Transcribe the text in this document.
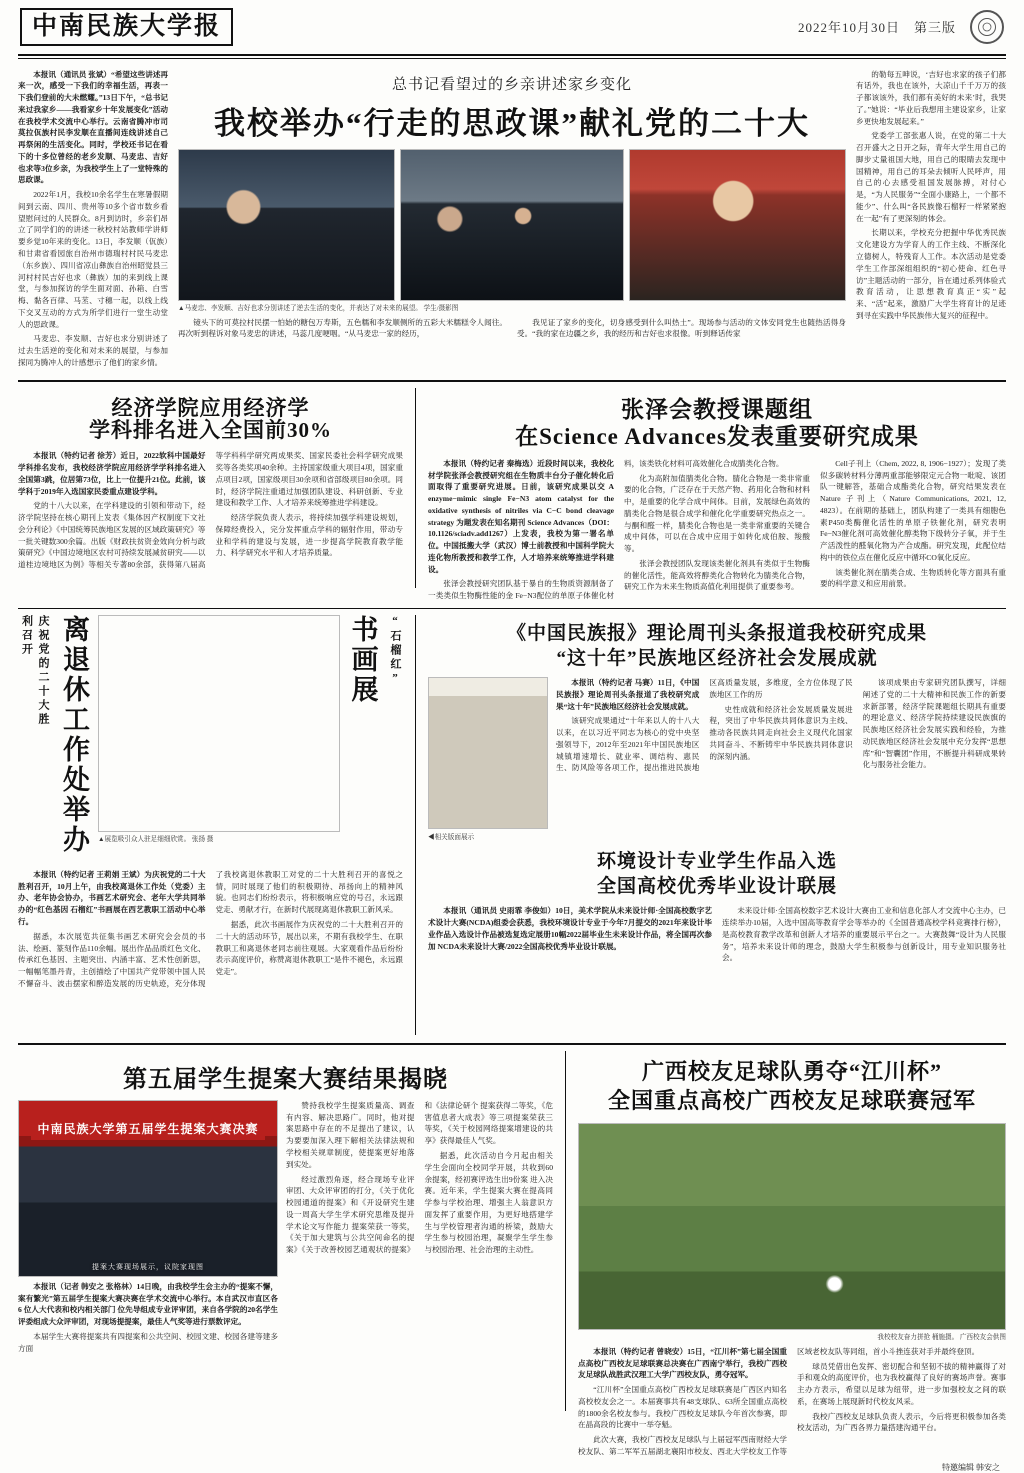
中南民族大学报	2022年10月30日 第三版

本报讯（通讯员 张斌）“希望这些讲述再来一次，感受一下我们的幸福生活，再表一下我们登前的大未燃耀。”13日下午，“总书记来过我家乡——我看家乡十年发展变化”活动在我校学术交流中心举行。云南省腾冲市司莫拉佤族村民李发顺在直播间连线讲述自己再祭闲的生活变化。同时，学校还书记在看下的十多位曾经的老乡发顺、马麦忠、吉好也求等3位乡亲，为我校学生上了一堂特殊的思政课。

2022年1月，我校10余名学生在寒暑假期间到云南、四川、贵州等10多个省市数乡看望慰问过的人民群众。8月到访时，乡亲们昂立了同学们的的讲述一秋校村站教师学讲师要乡觉10年来的变化。13日，李发顺（佤族）和甘肃省看园旅自治州市德瑞村村民马麦忠（东乡族）、四川省凉山彝族自治州昭觉县三河村村民吉好也求（彝族）加的来到线上课堂，与参加探访的学生面对面、孙箱、白雪梅、黏各百律、马苤、寸穗一起，以线上线下交叉互动的方式为所学们进行一堂生动堂人的思政课。

马麦忠、李发顺、吉好也求分别讲述了过去生活逆的变化和对未来的展望，与参加探同为腾冲人的计感想示了他们的家乡情。

总书记看望过的乡亲讲述家乡变化
我校举办“行走的思政课”献礼党的二十大
▲马麦忠、李发顺、吉好也求分别讲述了逆去生活的变化，并表达了对未来的展望。 学生/摄影图

镜头下的可莫拉村民摆一怕始的糖包万寿斯，五色糯和李发顺侧所的五彩大米糯糕令人闻往。再次听到程诉对象马麦忠的讲述，马蕊几度哽咽。“从马麦忠一家的经历，

我见证了家乡的变化，切身感受到什么叫热土”。现场参与活动的文体安同党生也随热活得身受。“我的家在边疆之乡，我的经历和吉好也求很像。听到释话传家

的勒每五呻说，‘吉好也求家的孩子们都有话外，我也在该外，大凉山千千万万的孩子都该该外，我们都有美好的未来’时，我哭了。”她说：“毕业后我想用主建设家乡，让家乡更快地发展起来。”

党委学工部张惠人说，在党的第二十大召开盛大之日开之际，青年大学生用自己的脚步丈量祖国大地，用自己的眼睛去发现中国精神，用自己的耳朵去倾听人民呼声，用自己的心去感受祖国发展脉搏，对付心是，“为人民服务”“全面小康路上，一个都不能少”、什么叫“各民族像石榴籽一样紧紧抱在一起”有了更深刻的体会。

长期以来，学校充分把握中华优秀民族文化建设方为学育人的工作主线、不断深化立德树人，特残育人工作。本次活动是党委学生工作部深组组织的“初心使命、红色寻访”主题活动的一部分，旨在通过系列体验式教育活动，让思想教育真正“实”起来、“活”起来，激励广大学生将育计的足迹到寻在实践中华民族伟大复兴的征程中。

经济学院应用经济学
学科排名进入全国前30%

本报讯（特约记者 徐芳）近日，2022软科中国最好学科排名发布，我校经济学院应用经济学学科排名进入全国第3跳，位居第73位，比上一位提升21位。此前，该学科于2019年入选国家民委重点建设学科。

党的十八大以来，在学科建设的引领和带动下，经济学院坚持在核心期刊上发表《集体因产权制度下文社会分利论》《中国统筹民族地区发展的区域政策研究》等一批关键数300余篇。出版《财政扶贫资金效向分析与政策研究》《中国边境地区农村可持续发展减贫研究——以道桂边境地区为例》等相关专著80余部，获得第八届高等学科科学研究两成果奖、国家民委社会科学研究成果奖等各类奖项40余种。主持国家级重大项目4项，国家重点项目2项，国家级项目30余项和省部级项目80余项。同时，经济学院注重通过加强团队建设、科研创新、专业建设和教学工作、人才培养来统筹推进学科建设。

经济学院负责人表示，将持续加强学科建设规划，保障经费投入，完分发挥重点学科的辐射作用，带动专业和学科的建设与发展，进一步提高学院教育教学能力、科学研究水平和人才培养质量。

张泽会教授课题组
在Science Advances发表重要研究成果

本报讯（特约记者 秦梅选）近段时间以来，我校化材学院张泽会教授研究组在生物质丰台分子催化转化后面取得了重要研究进展。日前，该研究成果以交 A enzyme−mimic single Fe−N3 atom catalyst for the oxidative synthesis of nitriles via C−C bond cleavage strategy 为题发表在知名期刊 Science Advances（DOI：10.1126/sciadv.add1267）上发表，我校为第一署名单位。中国抵搬大学（武汉）博士前教授和中国科学院大连化物所教授和教学工作，人才培养来统筹推进学科建设。

张泽会教授研究团队基于暴自的生物质资源制备了一类类似生物酶性能的金 Fe−N3配位的单原子体催化材料，该类铁化材料可高效催化合成腈类化合物。

化为高附加值腈类化合物。腈化合物是一类非常重要的化合物，广泛存在于天然产物、药用化合物和材料中，是重要的化学合成中间体。目前，发展绿色高效的腈类化合物是很合成学和催化化学重要研究热点之一。与酮和醛一样，腈类化合物也是一类非常重要的关键合成中间体，可以在合成中应用于如转化成伯胺、羧酸等。

张泽会教授团队发现该类催化剂具有类似于生物酶的催化活性，能高效将醇类化合物转化为腈类化合物，研究工作为未来生物质高值化利用提供了重要参考。

Cell子刊上（Chem, 2022, 8, 1906−1927）；发现了类似多碳转材料分薄两重部能够限定元合物一吡啶、该团队一键解答，基础合成酯类化合物，研究结果发表在 Nature 子刊上（Nature Communications, 2021, 12, 4823）。在前期的基础上，团队构建了一类具有细胞色素P450类酶催化活性的单原子铁催化剂，研究表明Fe−N3催化剂可高效催化醇类物下级转分子氧，并于生产活泼性的醛氧化物为产合成酯。研究发现，此配位结构中的铁位点在催化反应中循环CO氧化反应。

该类催化剂在腈类合成、生物质转化等方面具有重要的科学意义和应用前景。

庆祝党的二十大胜利召开 离退休工作处举办	▲展览吸引众人驻足细细欣赏。 张扬 摄
书画展	“石榴红”

本报讯（特约记者 王莉娟 王斌）为庆祝党的二十大胜利召开，10月上午，由我校离退休工作处（党委）主办、老年协会协办，书画艺术研究会、老年大学共同举办的“红色基因 石榴红”书画展在西艺教职工活动中心举行。

据悉，本次展览共征集书画艺术研究会会员的书法、绘画、篆刻作品110余幅。展出作品品质红色文化、传承红色基因、主题突出、内涵丰富、艺术性创新思，一幅幅笔墨丹青，主创描绘了中国共产党带领中国人民不懈奋斗、波击摆家和醉造发展的历史轨迹，充分体现了我校离退休教职工对党的二十大胜利召开的喜悦之情，同时展现了他们的积极期待、昂扬向上的精神风貌。也同志们纷纷表示，将积极响应党的号召，永远跟党走、勇献才行，在新时代展现离退休教职工新风采。

据悉，此次书画展作为庆祝党的二十大胜利召开的二十大的活动环节，展出以来，不期有我校学生、在职教职工和离退休老同志前往观展。大家观看作品后纷纷表示高度评价，称赞离退休教职工“是件不褪色，永远跟党走”。

《中国民族报》理论周刊头条报道我校研究成果
“这十年”民族地区经济社会发展成就
◀相关版面展示

本报讯（特约记者 马赛）11日，《中国民族报》理论周刊头条报道了我校研究成果“这十年”民族地区经济社会发展成就。

该研究成果通过“十年来以人的十八大以来，在以习近平同志为核心的党中央坚强领导下，2012年至2021年中国民族地区城镇增速增长、就业率、调结构、惠民生、防风险等各项工作，提出推进民族地区高质量发展，多维度，全方位体现了民族地区工作的历

史性成就和经济社会发展质量发展进程，突出了中华民族共同体意识为主线、推动各民族共同走向社会主义现代化国家共同奋斗、不断铸牢中华民族共同体意识的深刻内涵。

该项成果由专家研究团队撰写，详细阐述了党的二十大精神和民族工作的新要求新部署，经济学院课题组长期具有重要的理论意义、经济学院持续建设民族旗的民族地区经济社会发展实践和经验，为推动民族地区经济社会发展中充分发挥“思想库”和“智囊团”作用，不断提升科研成果转化与服务社会能力。

环境设计专业学生作品入选
全国高校优秀毕业设计联展

本报讯（通讯员 史雨霏 李俊如）10日，美术学院从未来设计师·全国高校数字艺术设计大赛(NCDA)组委会获悉，我校环境设计专业于今年7月提交的2021年来设计毕业作品入选设计作品被选复选定展册10幅2022届毕业生未来设计作品，将全国再次参加 NCDA未来设计大赛/2022全国高校优秀毕业设计联展。

未来设计师·全国高校数字艺术设计大赛由工业和信息化部人才交流中心主办，已连续举办10届，入选中国高等教育学会等举办的《全国普通高校学科竞赛排行榜》，是高校教育教学改革和创新人才培养的重要展示平台之一。大赛鼓舞“设计为人民服务”，培养未来设计师的理念，鼓励大学生积极参与创新设计，用专业知识服务社会。

第五届学生提案大赛结果揭晓
中南民族大学第五届学生提案大赛决赛
提案大赛现场展示，议院家现图

本报讯（记者 韩安之 张格林）14日晚，由我校学生会主办的“提案不懈，案有繁光”第五届学生提案大赛决赛在学术交流中心举行。本自武汉市直区各 6 位人大代表和校内相关部门 位先导组成专业评审团，来自各学院的20名学生评委组成大众评审团，对现场提提案，最佳人气奖等进行票数评定。

本届学生大赛将提案共有四提案和公共空间、校园文建、校园各建等建多方面

赞持我校学生提案质量高、调查有内容、解决思路广。同时，他对提案思路中存在的不足提出了建议，认为要要加深入理下解相关法律法规和学校相关规章制度，使提案更好地落到实处。

经过激烈角逐，经合现场专业评审团、大众评审团的打分，《关于优化校园通道的提案》和《开设研究生建设一周高大学生学术研究思维及提升学术论文写作能力 提案荣获一等奖，《关于加大建筑与公共空间命名的提案》《关于改善校园艺通观状的提案》和《法律论研个 提案获得二等奖，《危害值息者大成表》等三项提案荣获三等奖，《关于校园网络提案增建设的共享》获得最佳人气奖。

据悉，此次活动自今月起由相关学生会面向全校同学开展，共收到60余提案，经初赛评选生出9份案 进入决赛。近年来，学生提案大赛在提高同学参与学校治理、增强主人翁意识方面发挥了重要作用，为更好地搭建学生与学校管理者沟通的桥梁，鼓励大学生参与校园治理，凝聚学生学生参与校园治理、社会治理的主动性。

广西校友足球队勇夺“江川杯”
全国重点高校广西校友足球联赛冠军
我校校友奋力拼抢 桶施摄。 广西校友会供图

本报讯（特约记者 曾晓安）15日，“江川杯”第七届全国重点高校广西校友足球联赛总决赛在广西南宁举行，我校广西校友足球队战胜武汉理工大学广西校友队，勇夺冠军。

“江川杯”全国重点高校广西校友足球联赛是广西区内知名高校校友会之一。本届赛事共有48支球队、63所全国重点高校的1800余名校友参与。我校广西校友足球队今年首次参赛，即在晶高段的比赛中一举夺魁。

此次大赛，我校广西校友足球队与上届冠军西南财经大学校友队、第二军军五届湖北襄阳市校友、西北大学校友工作等区域老校友队等同组，首小斗挫连获对手并最终登顶。

球员凭借出色发挥、密切配合和坚韧不拔的精神赢得了对手和观众的高度评价，也为我校赢得了良好的赛场声誉。赛事主办方表示，希望以足球为纽带，进一步加强校友之间的联系，在赛场上展现新时代校友风采。

我校广西校友足球队负责人表示，今后将更积极参加各类校友活动，为广西各界力量搭建沟通平台。

特邀编辑 韩安之
